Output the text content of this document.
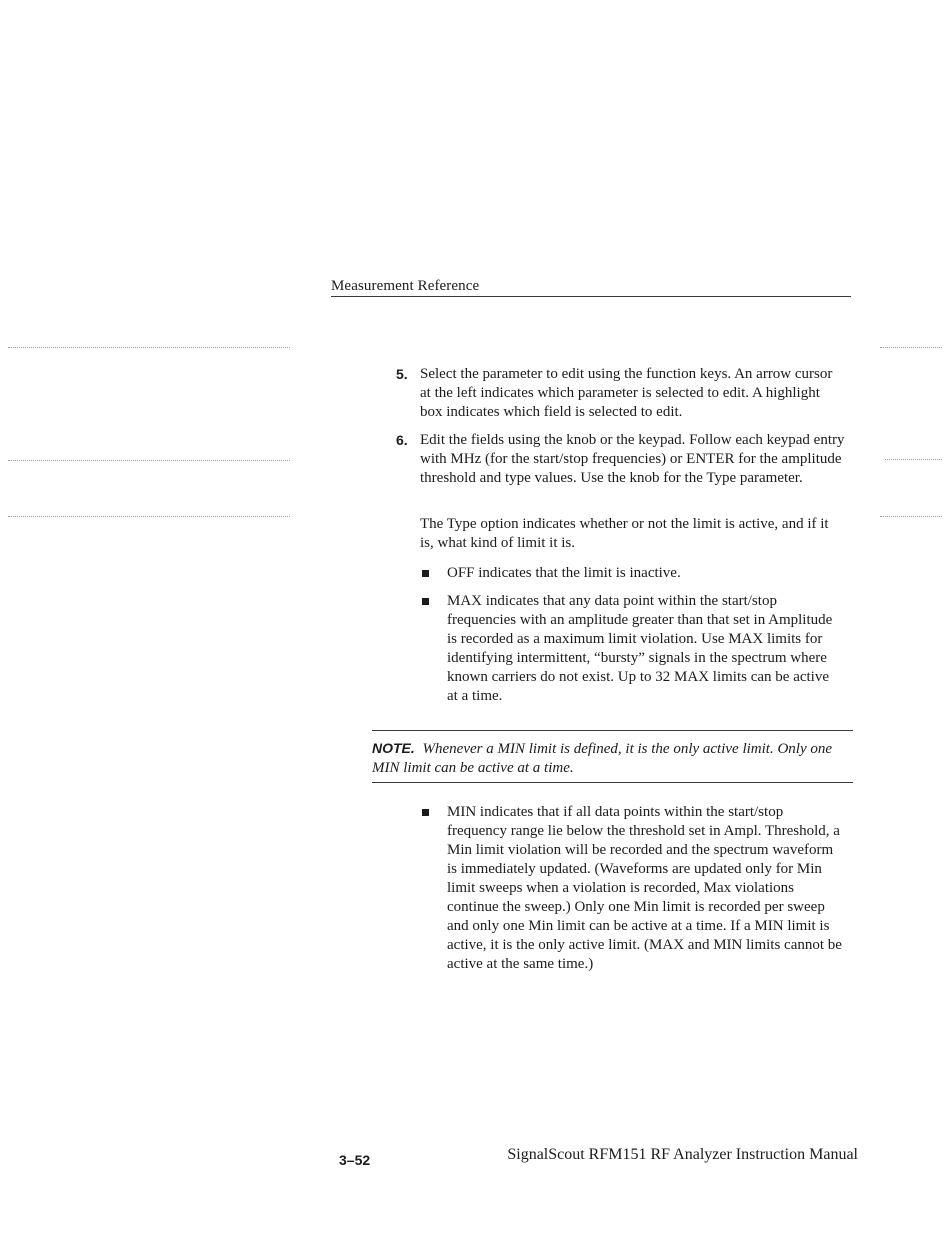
Measurement Reference
5. Select the parameter to edit using the function keys. An arrow cursor at the left indicates which parameter is selected to edit. A highlight box indicates which field is selected to edit.
6. Edit the fields using the knob or the keypad. Follow each keypad entry with MHz (for the start/stop frequencies) or ENTER for the amplitude threshold and type values. Use the knob for the Type parameter.
The Type option indicates whether or not the limit is active, and if it is, what kind of limit it is.
OFF indicates that the limit is inactive.
MAX indicates that any data point within the start/stop frequencies with an amplitude greater than that set in Amplitude is recorded as a maximum limit violation. Use MAX limits for identifying intermittent, “bursty” signals in the spectrum where known carriers do not exist. Up to 32 MAX limits can be active at a time.
NOTE. Whenever a MIN limit is defined, it is the only active limit. Only one MIN limit can be active at a time.
MIN indicates that if all data points within the start/stop frequency range lie below the threshold set in Ampl. Threshold, a Min limit violation will be recorded and the spectrum waveform is immediately updated. (Waveforms are updated only for Min limit sweeps when a violation is recorded, Max violations continue the sweep.) Only one Min limit is recorded per sweep and only one Min limit can be active at a time. If a MIN limit is active, it is the only active limit. (MAX and MIN limits cannot be active at the same time.)
3–52	SignalScout RFM151 RF Analyzer Instruction Manual
